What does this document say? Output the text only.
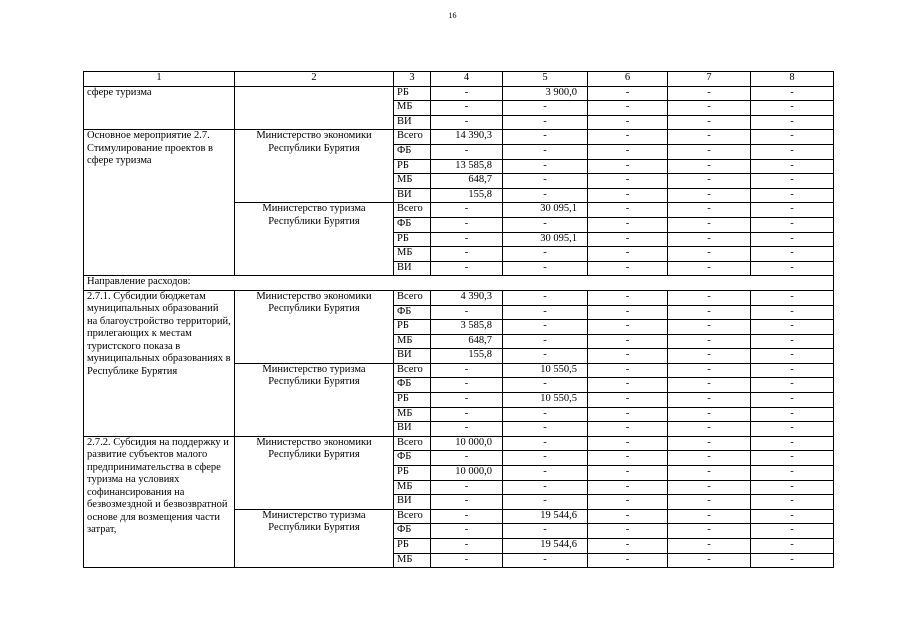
16
1	2	3	4	5	6	7	8
сфере туризма		РБ	-	3 900,0	-	-	-
		МБ	-	-	-	-	-
		ВИ	-	-	-	-	-
Основное мероприятие 2.7. Стимулирование проектов в сфере туризма	Министерство экономики Республики Бурятия	Всего	14 390,3	-	-	-	-
		ФБ	-	-	-	-	-
		РБ	13 585,8	-	-	-	-
		МБ	648,7	-	-	-	-
		ВИ	155,8	-	-	-	-
	Министерство туризма Республики Бурятия	Всего	-	30 095,1	-	-	-
		ФБ	-	-	-	-	-
		РБ	-	30 095,1	-	-	-
		МБ	-	-	-	-	-
		ВИ	-	-	-	-	-
Направление расходов:							
2.7.1. Субсидии бюджетам муниципальных образований на благоустройство территорий, прилегающих к местам туристского показа в муниципальных образованиях в Республике Бурятия	Министерство экономики Республики Бурятия	Всего	4 390,3	-	-	-	-
		ФБ	-	-	-	-	-
		РБ	3 585,8	-	-	-	-
		МБ	648,7	-	-	-	-
		ВИ	155,8	-	-	-	-
	Министерство туризма Республики Бурятия	Всего	-	10 550,5	-	-	-
		ФБ	-	-	-	-	-
		РБ	-	10 550,5	-	-	-
		МБ	-	-	-	-	-
		ВИ	-	-	-	-	-
2.7.2. Субсидия на поддержку и развитие субъектов малого предпринимательства в сфере туризма на условиях софинансирования на безвозмездной и безвозвратной основе для возмещения части затрат,	Министерство экономики Республики Бурятия	Всего	10 000,0	-	-	-	-
		ФБ	-	-	-	-	-
		РБ	10 000,0	-	-	-	-
		МБ	-	-	-	-	-
		ВИ	-	-	-	-	-
	Министерство туризма Республики Бурятия	Всего	-	19 544,6	-	-	-
		ФБ	-	-	-	-	-
		РБ	-	19 544,6	-	-	-
		МБ	-	-	-	-	-
